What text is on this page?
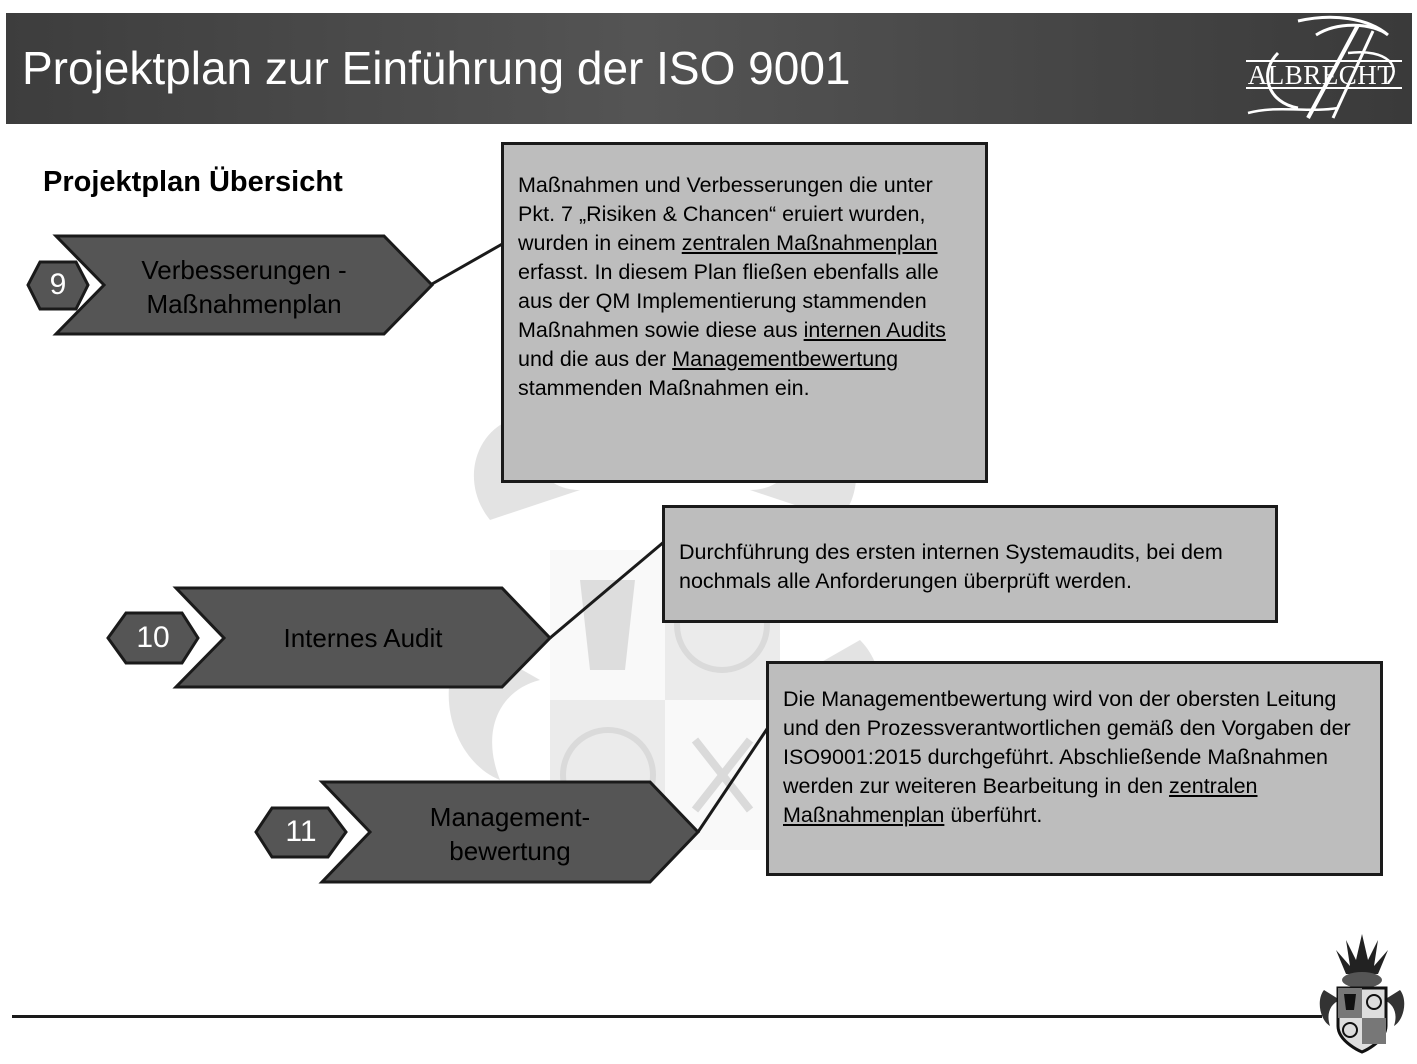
Projektplan zur Einführung der ISO 9001	ALBRECHT
Projektplan Übersicht
9
10
11
Verbesserungen -
Maßnahmenplan
Internes Audit
Management-
bewertung
Maßnahmen und Verbesserungen die unter Pkt. 7 „Risiken & Chancen“ eruiert wurden, wurden in einem zentralen Maßnahmenplan erfasst. In diesem Plan fließen ebenfalls alle aus der QM Implementierung stammenden Maßnahmen sowie diese aus internen Audits und die aus der Managementbewertung stammenden Maßnahmen ein.
Durchführung des ersten internen Systemaudits, bei dem nochmals alle Anforderungen überprüft werden.
Die Managementbewertung wird von der obersten Leitung und den Prozessverantwortlichen gemäß den Vorgaben der ISO9001:2015 durchgeführt. Abschließende Maßnahmen werden zur weiteren Bearbeitung in den zentralen Maßnahmenplan überführt.
